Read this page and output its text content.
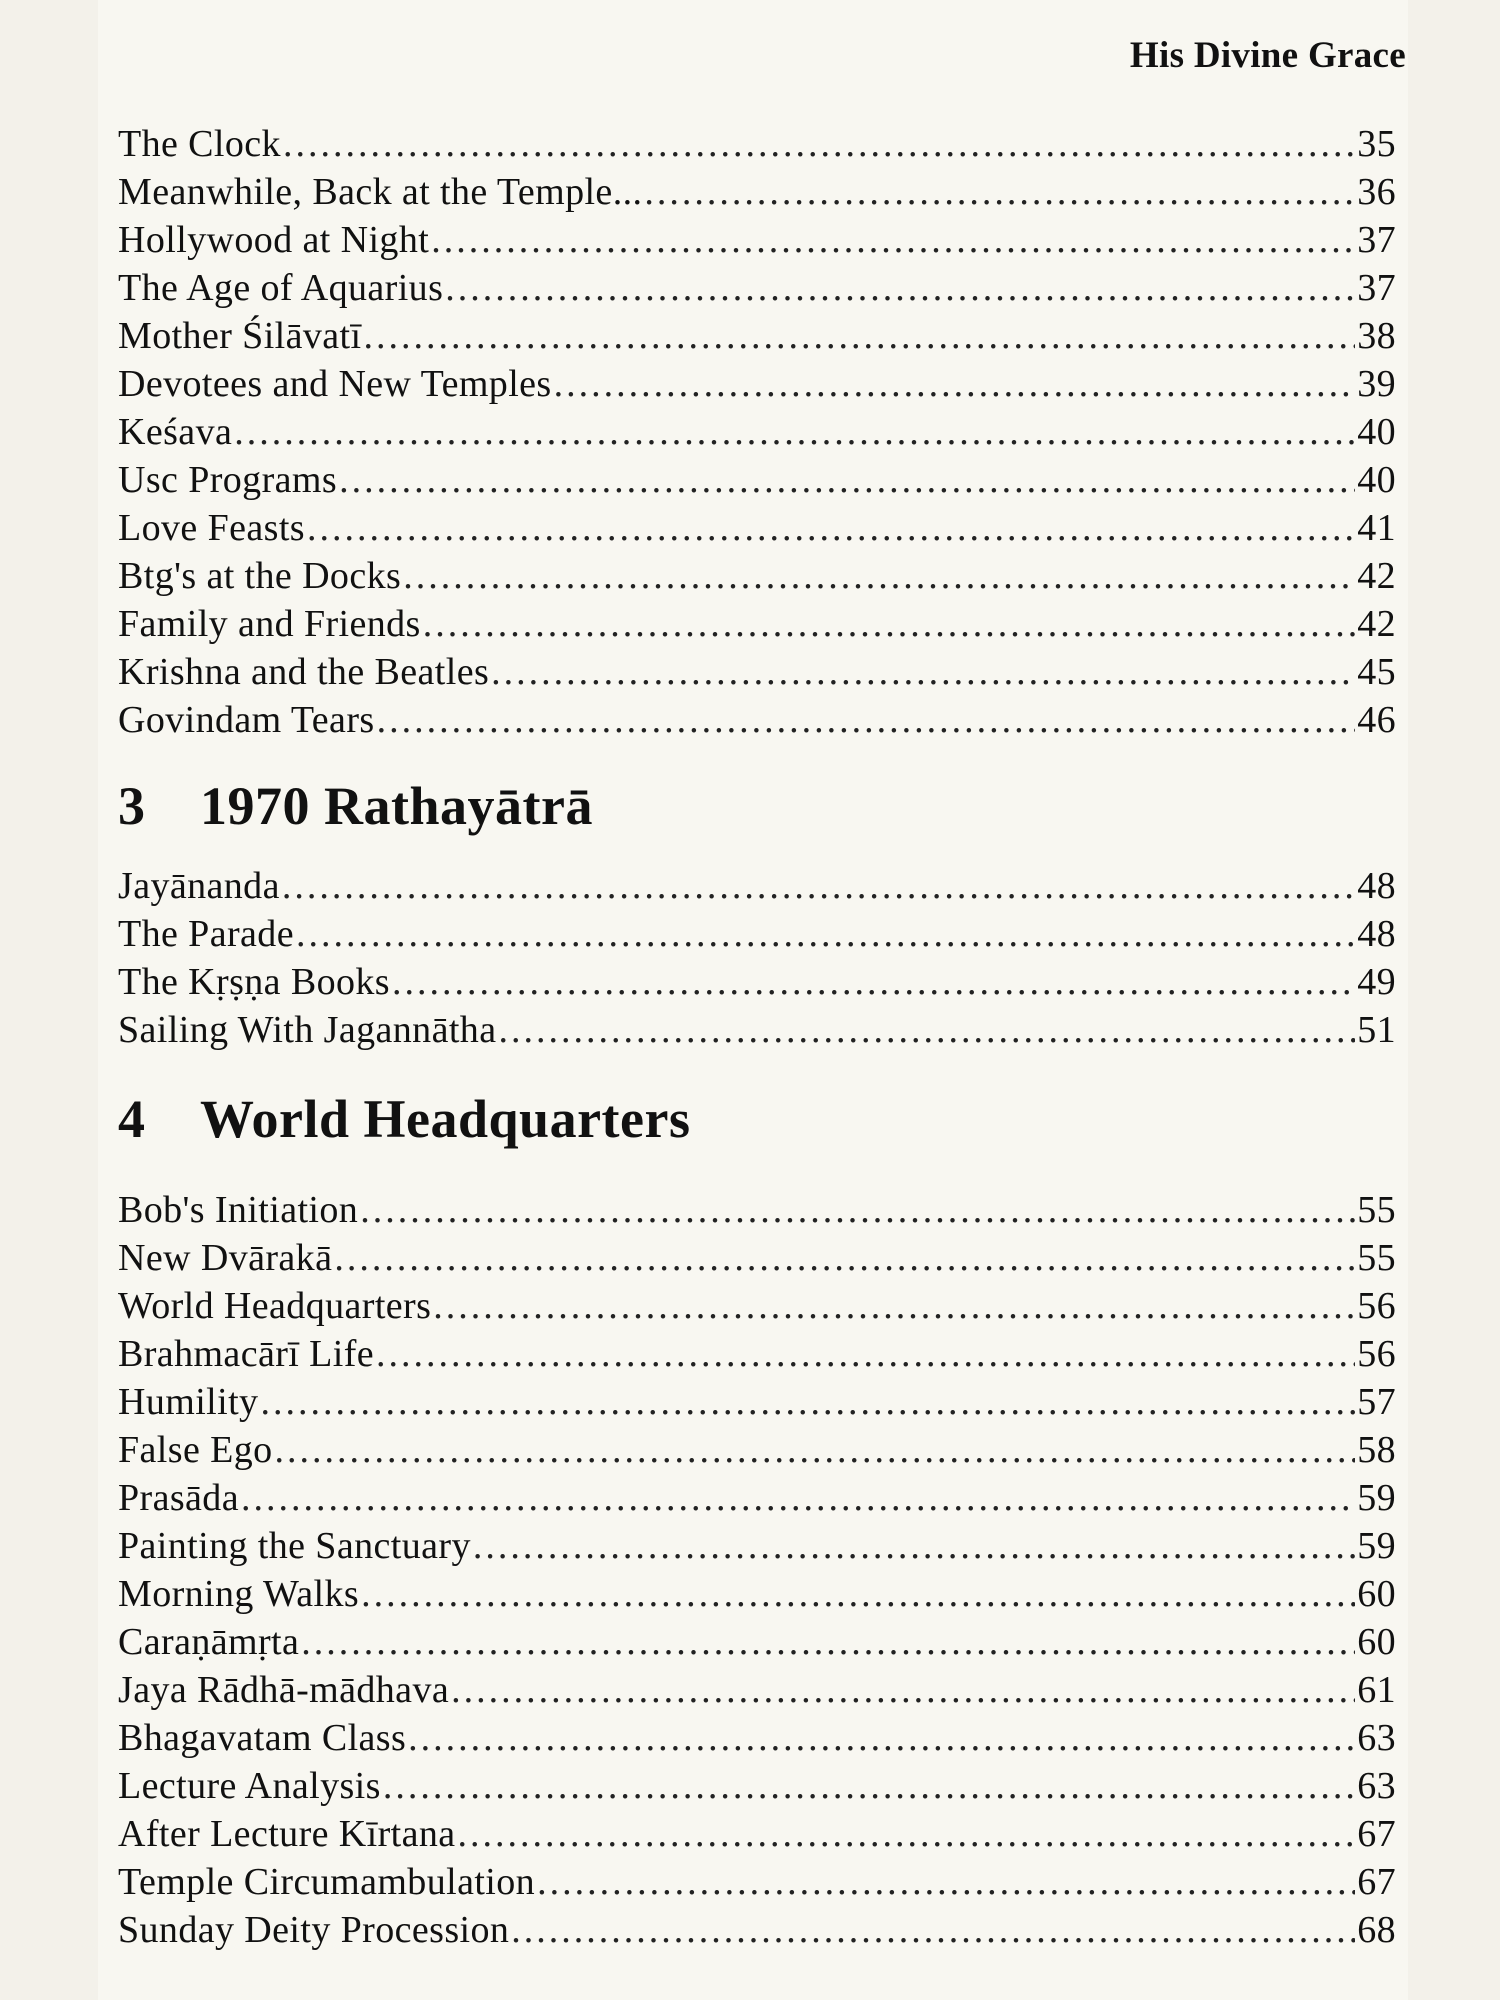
His Divine Grace
The Clock .....	35
Meanwhile, Back at the Temple... .....	36
Hollywood at Night .....	37
The Age of Aquarius .....	37
Mother Śilāvatī .....	38
Devotees and New Temples .....	39
Keśava .....	40
Usc Programs .....	40
Love Feasts .....	41
Btg's at the Docks .....	42
Family and Friends .....	42
Krishna and the Beatles .....	45
Govindam Tears .....	46
3	1970 Rathayātrā
Jayānanda .....	48
The Parade .....	48
The Kṛṣṇa Books .....	49
Sailing With Jagannātha .....	51
4	World Headquarters
Bob's Initiation .....	55
New Dvārakā .....	55
World Headquarters .....	56
Brahmacārī Life .....	56
Humility .....	57
False Ego .....	58
Prasāda .....	59
Painting the Sanctuary .....	59
Morning Walks .....	60
Caraṇāmṛta .....	60
Jaya Rādhā-mādhava .....	61
Bhagavatam Class .....	63
Lecture Analysis .....	63
After Lecture Kīrtana .....	67
Temple Circumambulation .....	67
Sunday Deity Procession .....	68
